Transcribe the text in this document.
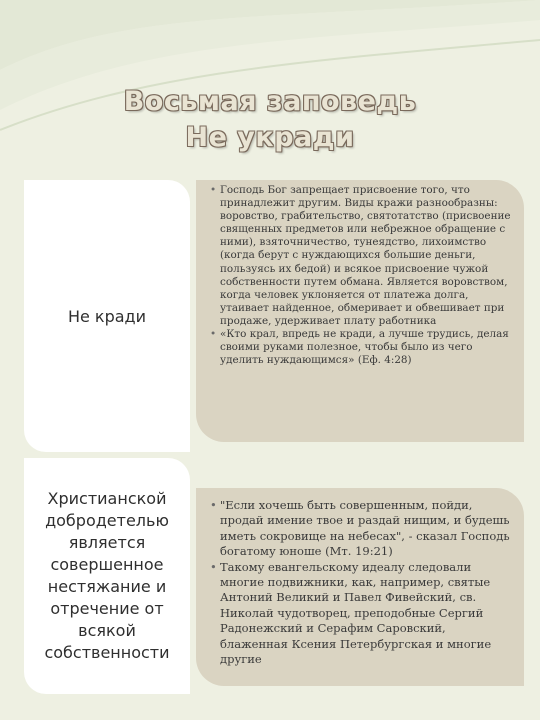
Восьмая заповедь
Не укради
Не кради
Христианской добродетелью является совершенное нестяжание и отречение от всякой собственности
• Господь Бог запрещает присвоение того, что принадлежит другим. Виды кражи разнообразны: воровство, грабительство, святотатство (присвоение священных предметов или небрежное обращение с ними), взяточничество, тунеядство, лихоимство (когда берут с нуждающихся большие деньги, пользуясь их бедой) и всякое присвоение чужой собственности путем обмана. Является воровством, когда человек уклоняется от платежа долга, утаивает найденное, обмеривает и обвешивает при продаже, удерживает плату работника
• «Кто крал, впредь не кради, а лучше трудись, делая своими руками полезное, чтобы было из чего уделить нуждающимся» (Еф. 4:28)
• "Если хочешь быть совершенным, пойди, продай имение твое и раздай нищим, и будешь иметь сокровище на небесах", - сказал Господь богатому юноше (Мт. 19:21)
• Такому евангельскому идеалу следовали многие подвижники, как, например, святые Антоний Великий и Павел Фивейский, св. Николай чудотворец, преподобные Сергий Радонежский и Серафим Саровский, блаженная Ксения Петербургская и многие другие
